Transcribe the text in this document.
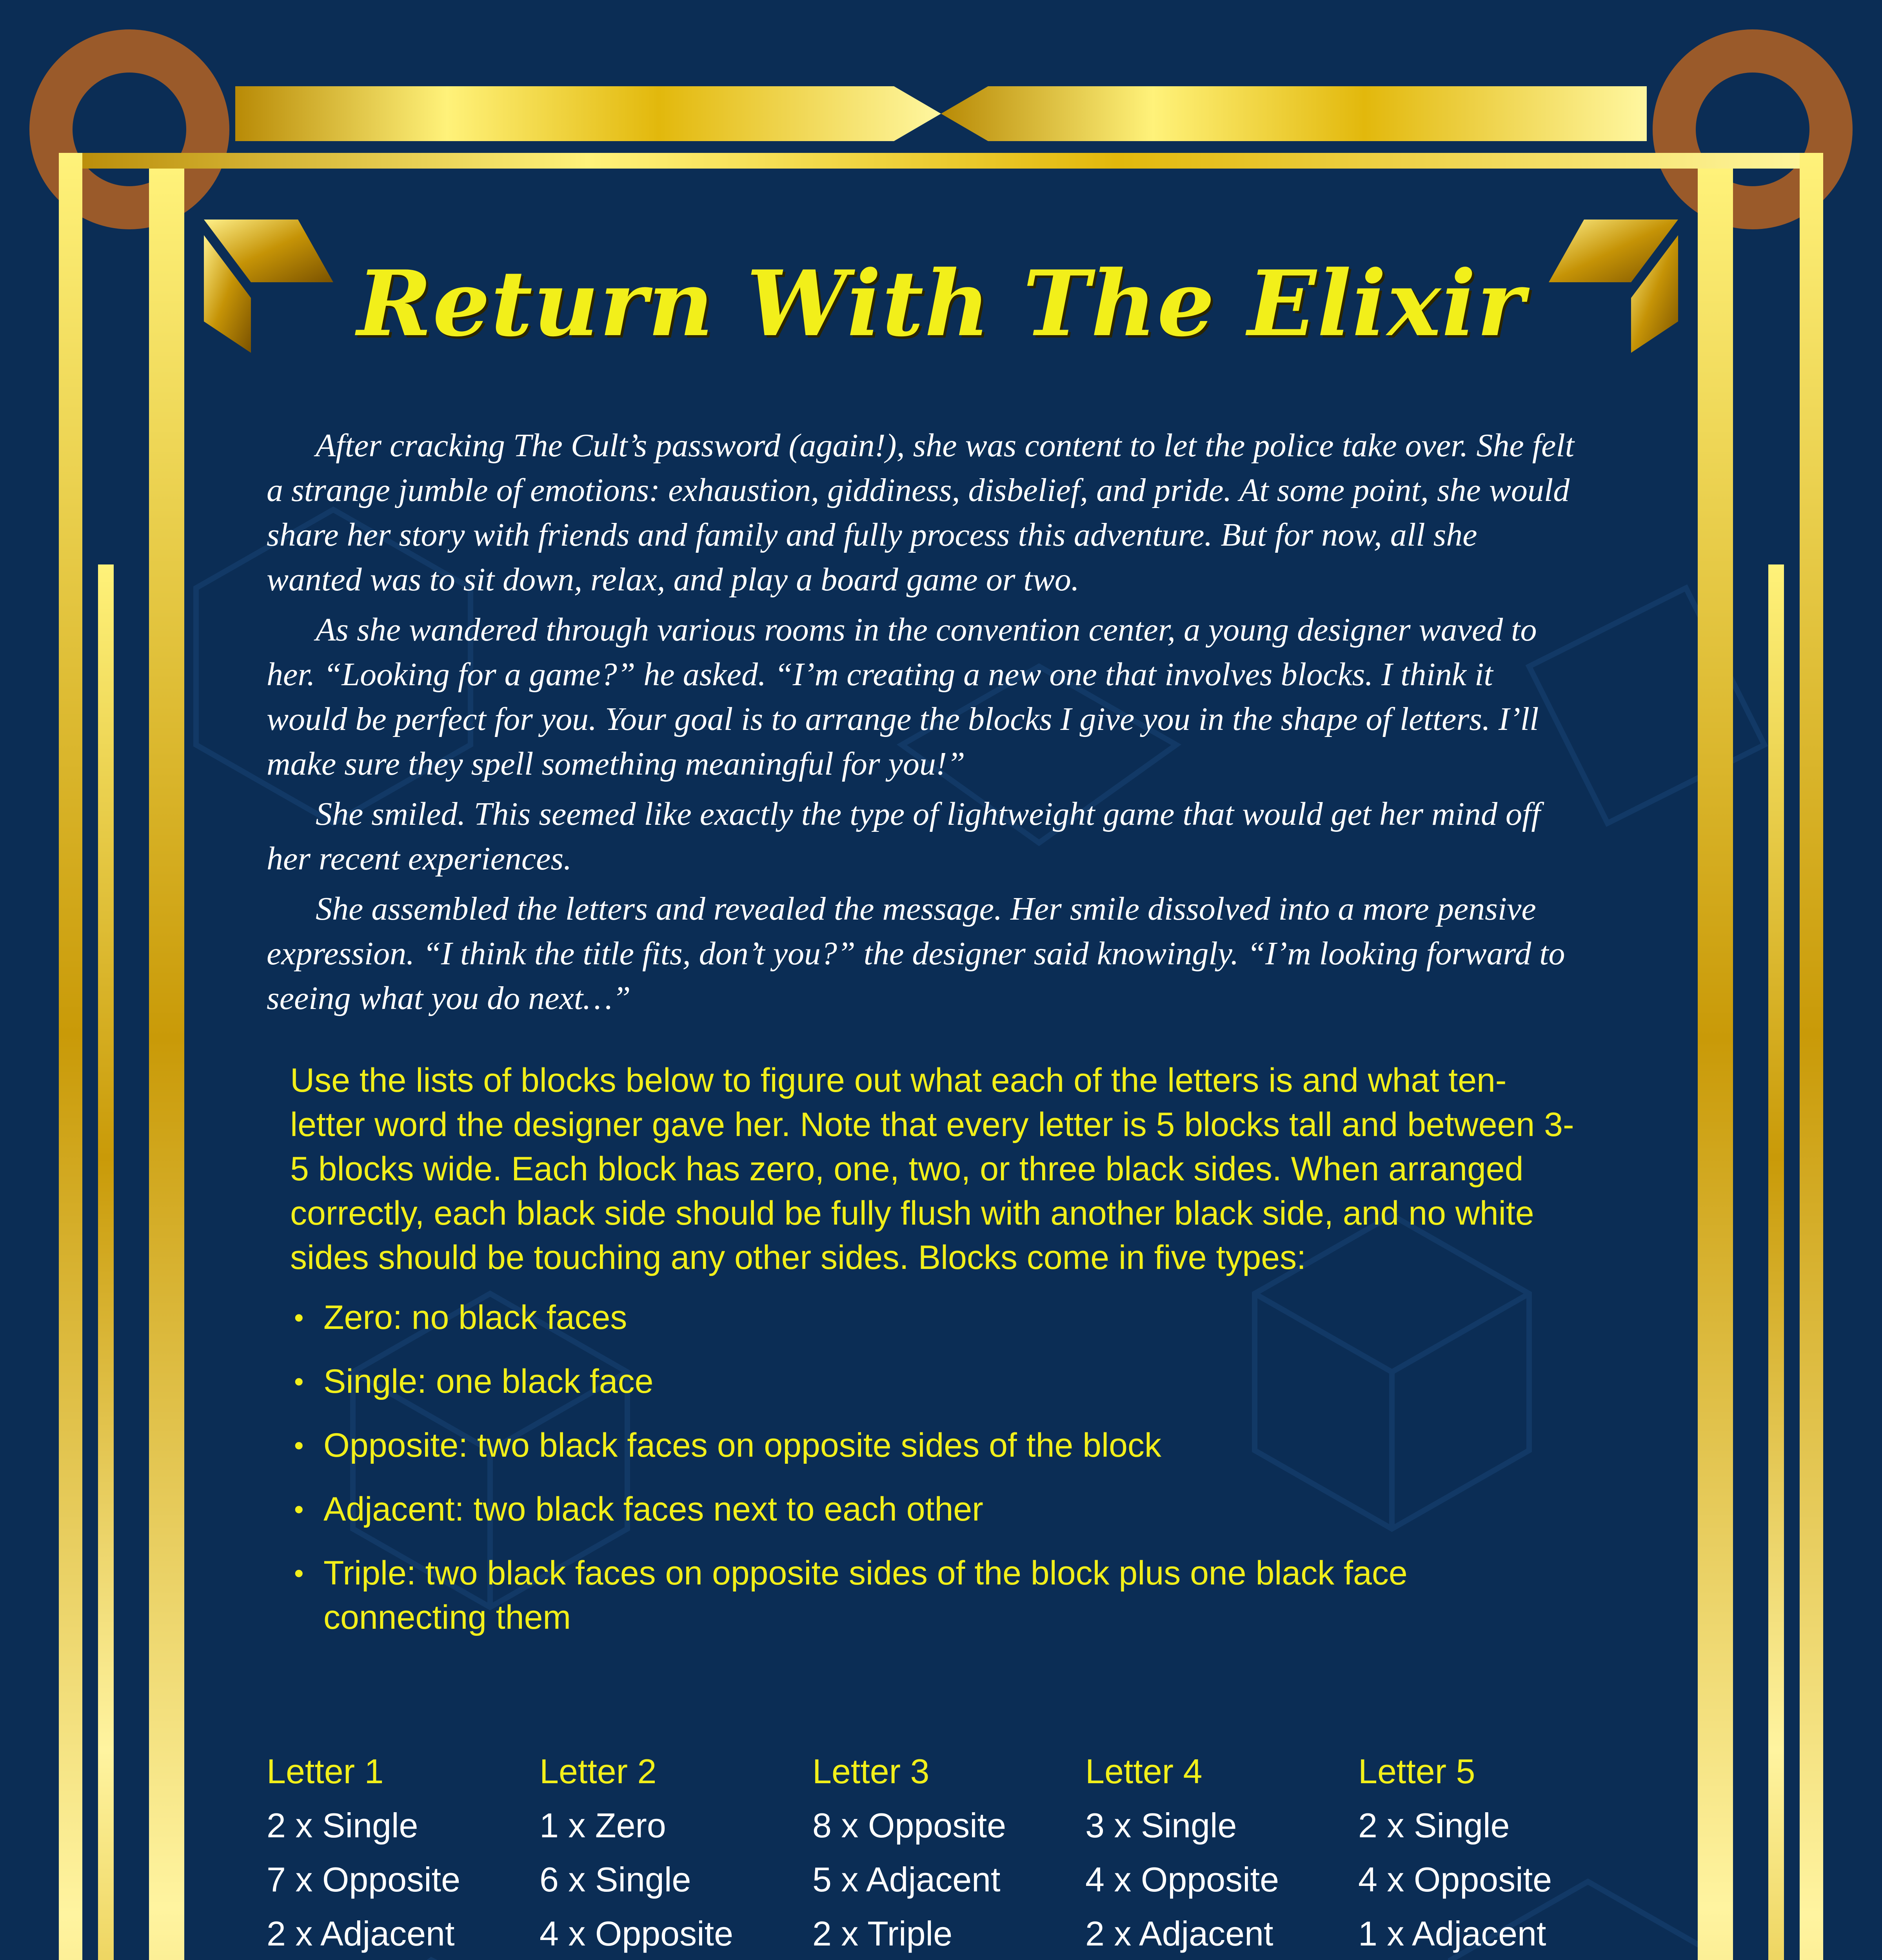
Return With The Elixir

After cracking The Cult’s password (again!), she was content to let the police take over. She felt a strange jumble of emotions: exhaustion, giddiness, disbelief, and pride. At some point, she would share her story with friends and family and fully process this adventure. But for now, all she wanted was to sit down, relax, and play a board game or two.

As she wandered through various rooms in the convention center, a young designer waved to her. “Looking for a game?” he asked. “I’m creating a new one that involves blocks. I think it would be perfect for you. Your goal is to arrange the blocks I give you in the shape of letters. I’ll make sure they spell something meaningful for you!”

She smiled. This seemed like exactly the type of lightweight game that would get her mind off her recent experiences.

She assembled the letters and revealed the message. Her smile dissolved into a more pensive expression. “I think the title fits, don’t you?” the designer said knowingly. “I’m looking forward to seeing what you do next…”

Use the lists of blocks below to figure out what each of the letters is and what ten-letter word the designer gave her. Note that every letter is 5 blocks tall and between 3-5 blocks wide. Each block has zero, one, two, or three black sides. When arranged correctly, each black side should be fully flush with another black side, and no white sides should be touching any other sides. Blocks come in five types:

• Zero: no black faces
• Single: one black face
• Opposite: two black faces on opposite sides of the block
• Adjacent: two black faces next to each other
• Triple: two black faces on opposite sides of the block plus one black face connecting them

Letter 1

2 x Single

7 x Opposite

2 x Adjacent

Letter 2

1 x Zero

6 x Single

4 x Opposite

Letter 3

8 x Opposite

5 x Adjacent

2 x Triple

Letter 4

3 x Single

4 x Opposite

2 x Adjacent

Letter 5

2 x Single

4 x Opposite

1 x Adjacent
